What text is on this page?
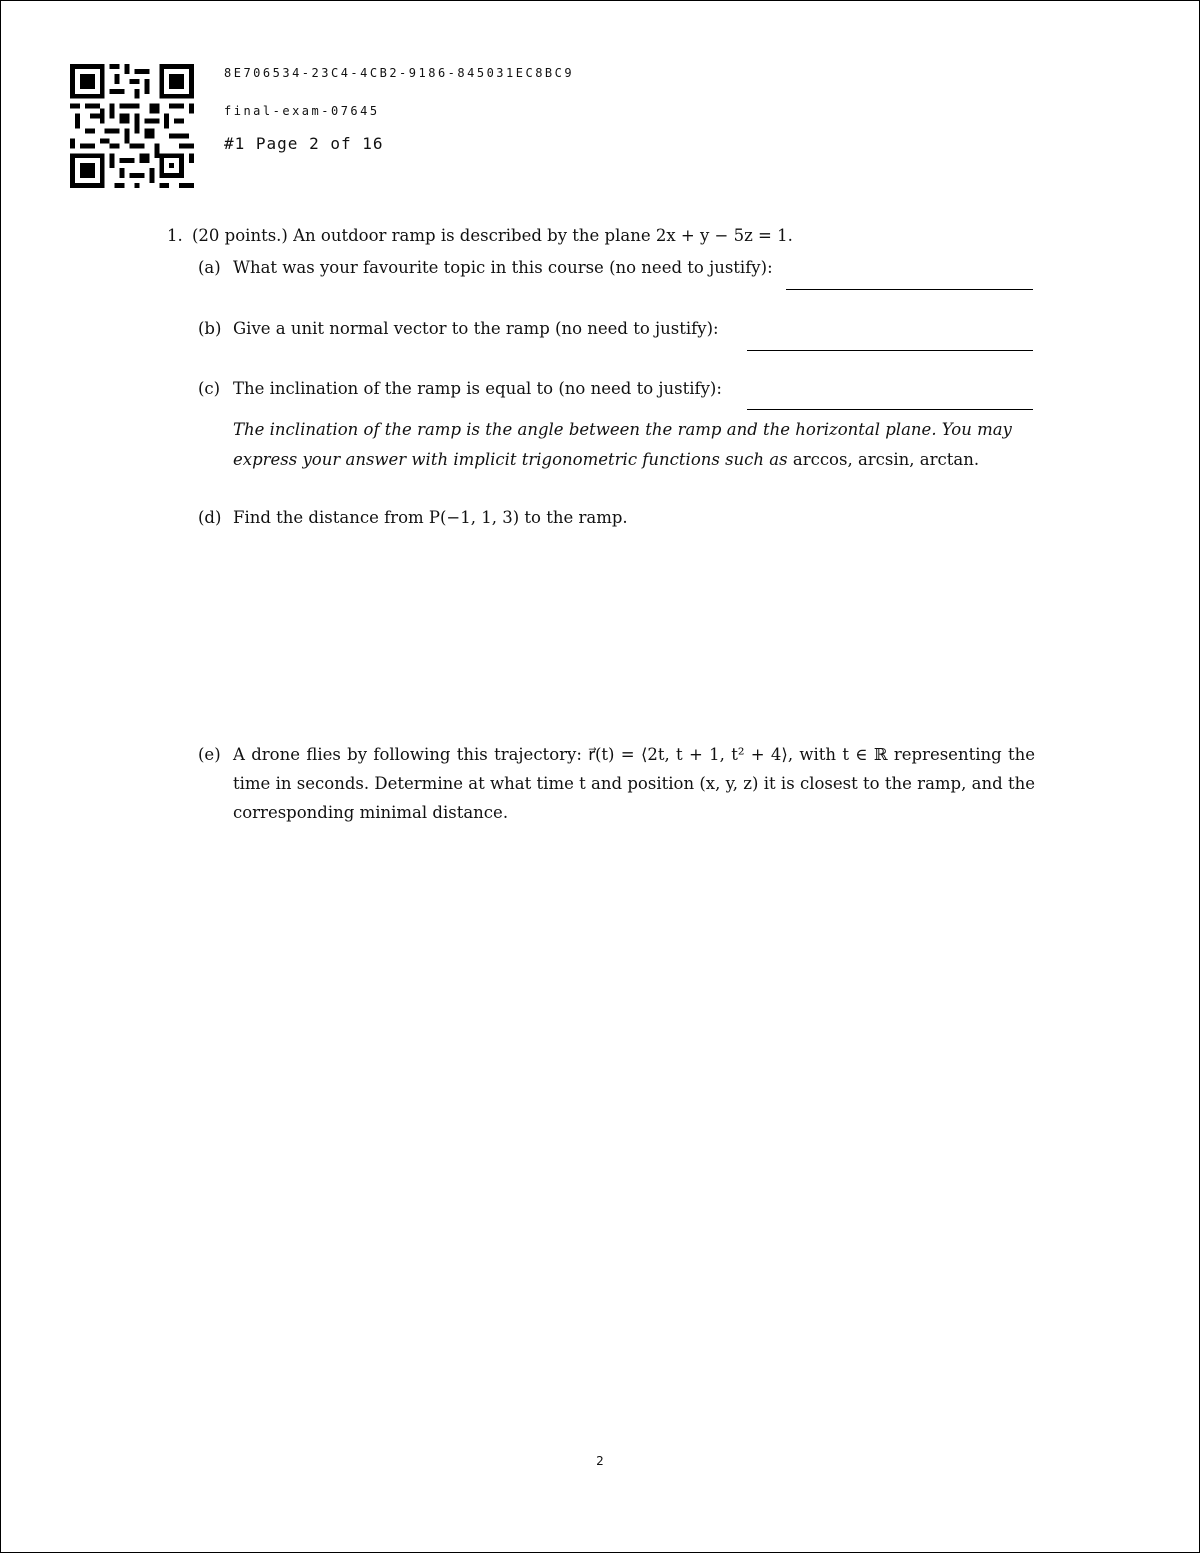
8E706534-23C4-4CB2-9186-845031EC8BC9
final-exam-07645
#1 Page 2 of 16
1. (20 points.) An outdoor ramp is described by the plane 2x + y − 5z = 1.
(a) What was your favourite topic in this course (no need to justify):
(b) Give a unit normal vector to the ramp (no need to justify):
(c) The inclination of the ramp is equal to (no need to justify):
The inclination of the ramp is the angle between the ramp and the horizontal plane. You may
express your answer with implicit trigonometric functions such as arccos, arcsin, arctan.
(d) Find the distance from P(−1, 1, 3) to the ramp.
(e) A drone flies by following this trajectory: r⃗(t) = ⟨2t, t + 1, t² + 4⟩, with t ∈ ℝ representing the time in seconds. Determine at what time t and position (x, y, z) it is closest to the ramp, and the corresponding minimal distance.
2
